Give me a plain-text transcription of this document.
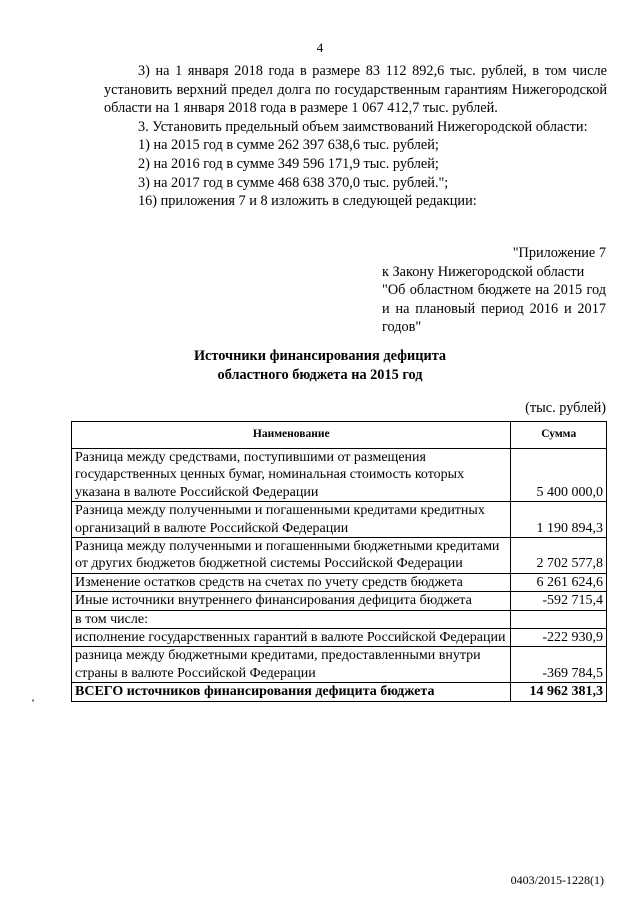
4

3) на 1 января 2018 года в размере 83 112 892,6 тыс. рублей, в том числе установить верхний предел долга по государственным гарантиям Нижегородской области на 1 января 2018 года в размере 1 067 412,7 тыс. рублей.

3. Установить предельный объем заимствований Нижегородской области:

1) на 2015 год в сумме 262 397 638,6 тыс. рублей;

2) на 2016 год в сумме 349 596 171,9 тыс. рублей;

3) на 2017 год в сумме 468 638 370,0 тыс. рублей.";

16) приложения 7 и 8 изложить в следующей редакции:

"Приложение 7

к Закону Нижегородской области

"Об областном бюджете на 2015 год и на плановый период 2016 и 2017 годов"

Источники финансирования дефицита
областного бюджета на 2015 год
(тыс. рублей)
Наименование	Сумма
Разница между средствами, поступившими от размещения государственных ценных бумаг, номинальная стоимость которых указана в валюте Российской Федерации	5 400 000,0
Разница между полученными и погашенными кредитами кредитных организаций в валюте Российской Федерации	1 190 894,3
Разница между полученными и погашенными бюджетными кредитами от других бюджетов бюджетной системы Российской Федерации	2 702 577,8
Изменение остатков средств на счетах по учету средств бюджета	6 261 624,6
Иные источники внутреннего финансирования дефицита бюджета	-592 715,4
в том числе:	
исполнение государственных гарантий в валюте Российской Федерации	-222 930,9
разница между бюджетными кредитами, предоставленными внутри страны в валюте Российской Федерации	-369 784,5
ВСЕГО источников финансирования дефицита бюджета	14 962 381,3
0403/2015-1228(1)
